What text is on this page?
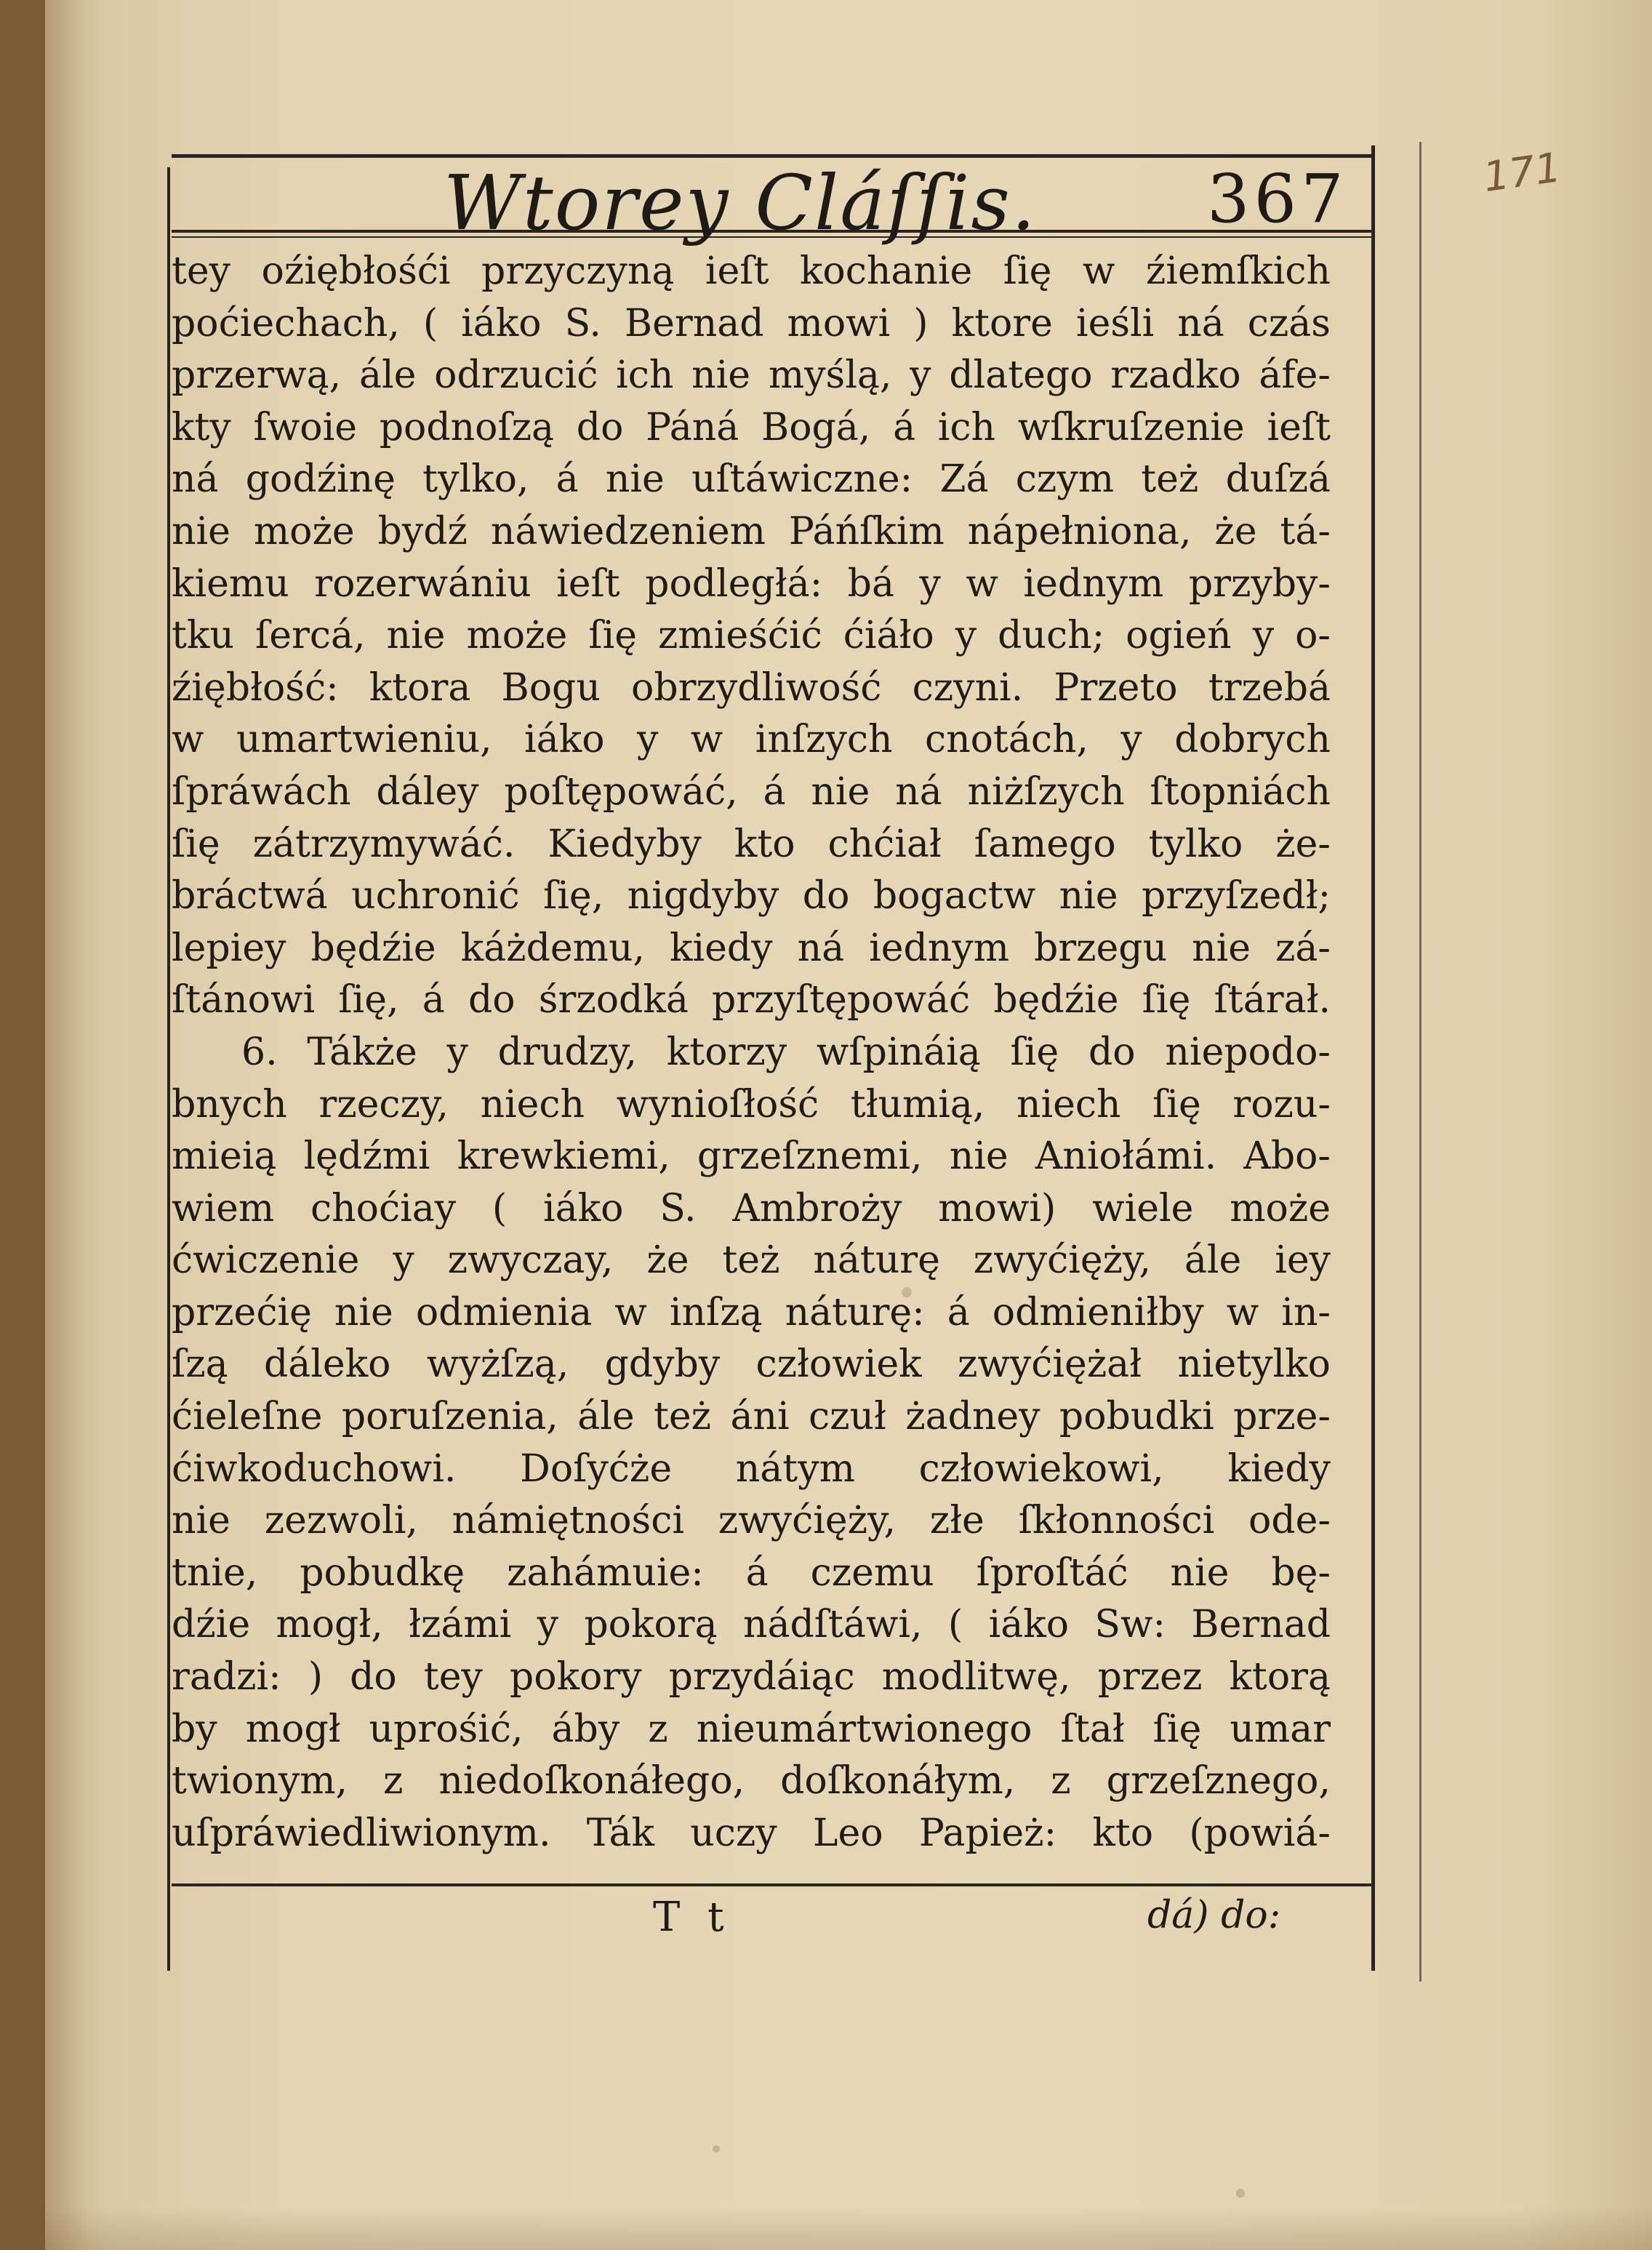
Wtorey Cláſſis.	367	171
tey oźiębłośći przyczyną ieſt kochanie ſię w źiemſkich
poćiechach, ( iáko S. Bernad mowi ) ktore ieśli ná czás
przerwą, ále odrzucić ich nie myślą, y dlatego rzadko áfe-
kty ſwoie podnoſzą do Páná Bogá, á ich wſkruſzenie ieſt
ná godźinę tylko, á nie uſtáwiczne: Zá czym też duſzá
nie może bydź náwiedzeniem Páńſkim nápełniona, że tá-
kiemu rozerwániu ieſt podległá: bá y w iednym przyby-
tku ſercá, nie może ſię zmieśćić ćiáło y duch; ogień y o-
źiębłość: ktora Bogu obrzydliwość czyni. Przeto trzebá
w umartwieniu, iáko y w inſzych cnotách, y dobrych
ſpráwách dáley poſtępowáć, á nie ná niżſzych ſtopniách
ſię zátrzymywáć. Kiedyby kto chćiał ſamego tylko że-
bráctwá uchronić ſię, nigdyby do bogactw nie przyſzedł;
lepiey będźie káżdemu, kiedy ná iednym brzegu nie zá-
ſtánowi ſię, á do śrzodká przyſtępowáć będźie ſię ſtárał.
6. Tákże y drudzy, ktorzy wſpináią ſię do niepodo-
bnych rzeczy, niech wynioſłość tłumią, niech ſię rozu-
mieią lędźmi krewkiemi, grzeſznemi, nie Aniołámi. Abo-
wiem choćiay ( iáko S. Ambroży mowi) wiele może
ćwiczenie y zwyczay, że też náturę zwyćięży, ále iey
przećię nie odmienia w inſzą náturę: á odmieniłby w in-
ſzą dáleko wyżſzą, gdyby człowiek zwyćiężał nietylko
ćieleſne poruſzenia, ále też áni czuł żadney pobudki prze-
ćiwkoduchowi. Doſyćże nátym człowiekowi, kiedy
nie zezwoli, námiętności zwyćięży, złe ſkłonności ode-
tnie, pobudkę zahámuie: á czemu ſproſtáć nie bę-
dźie mogł, łzámi y pokorą nádſtáwi, ( iáko Sw: Bernad
radzi: ) do tey pokory przydáiąc modlitwę, przez ktorą
by mogł uprośić, áby z nieumártwionego ſtał ſię umar
twionym, z niedoſkonáłego, doſkonáłym, z grzeſznego,
uſpráwiedliwionym. Ták uczy Leo Papież: kto (powiá-
T t	dá) do:
